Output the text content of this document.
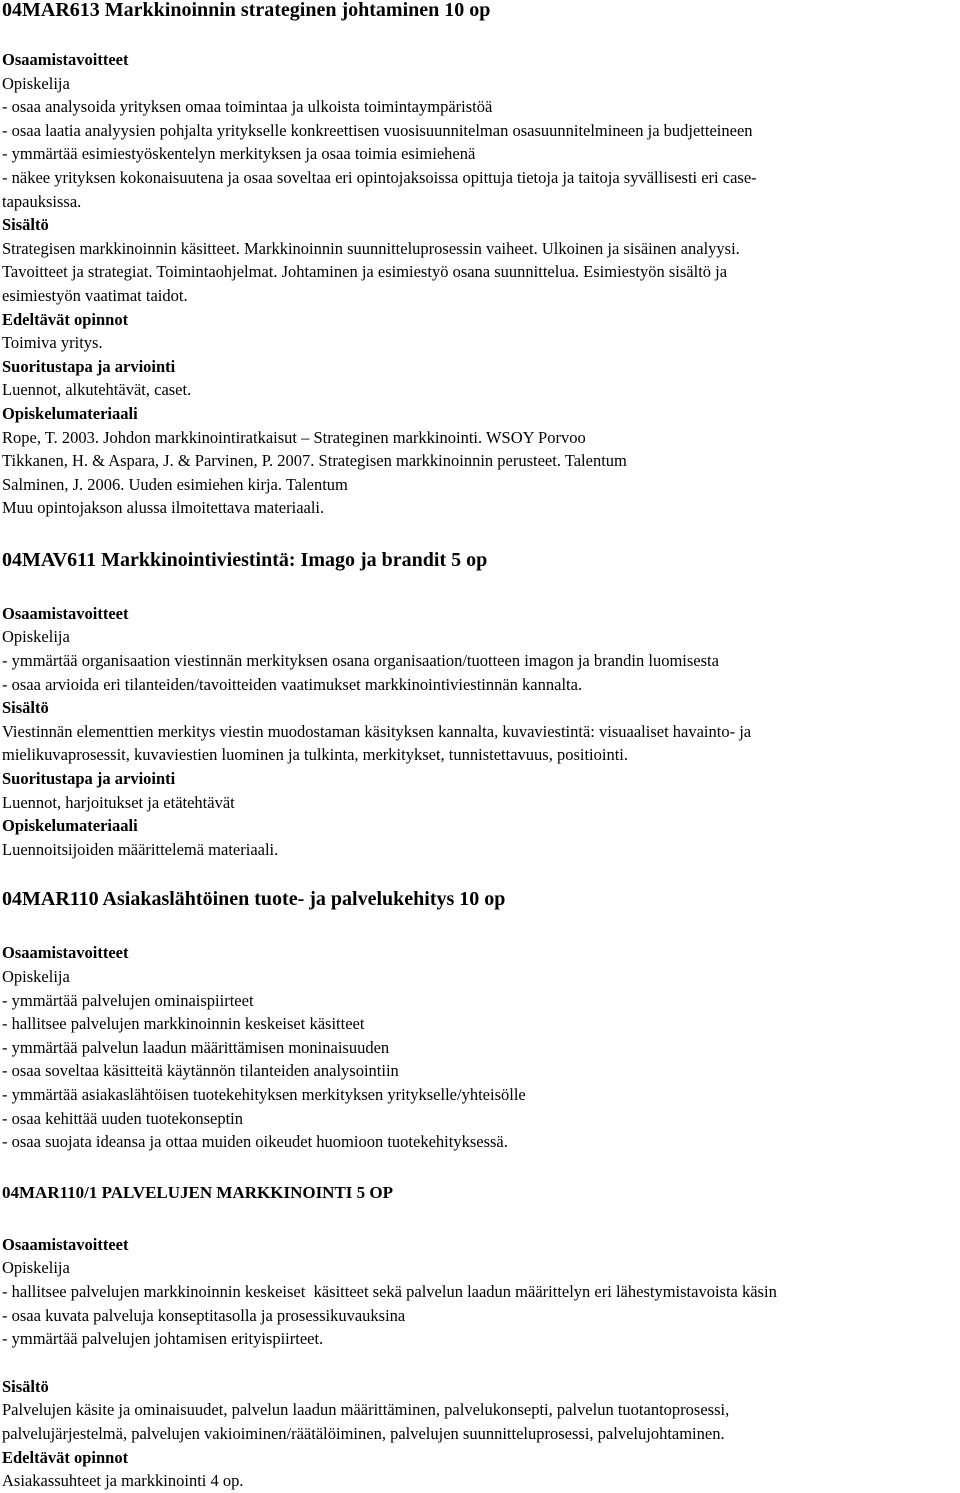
04MAR613 Markkinoinnin strateginen johtaminen 10 op
Osaamistavoitteet
Opiskelija
- osaa analysoida yrityksen omaa toimintaa ja ulkoista toimintaympäristöä
- osaa laatia analyysien pohjalta yritykselle konkreettisen vuosisuunnitelman osasuunnitelmineen ja budjetteineen
- ymmärtää esimiestyöskentelyn merkityksen ja osaa toimia esimiehenä
- näkee yrityksen kokonaisuutena ja osaa soveltaa eri opintojaksoissa opittuja tietoja ja taitoja syvällisesti eri case-
tapauksissa.
Sisältö
Strategisen markkinoinnin käsitteet. Markkinoinnin suunnitteluprosessin vaiheet. Ulkoinen ja sisäinen analyysi.
Tavoitteet ja strategiat. Toimintaohjelmat. Johtaminen ja esimiestyö osana suunnittelua. Esimiestyön sisältö ja
esimiestyön vaatimat taidot.
Edeltävät opinnot
Toimiva yritys.
Suoritustapa ja arviointi
Luennot, alkutehtävät, caset.
Opiskelumateriaali
Rope, T. 2003. Johdon markkinointiratkaisut – Strateginen markkinointi. WSOY Porvoo
Tikkanen, H. & Aspara, J. & Parvinen, P. 2007. Strategisen markkinoinnin perusteet. Talentum
Salminen, J. 2006. Uuden esimiehen kirja. Talentum
Muu opintojakson alussa ilmoitettava materiaali.
04MAV611 Markkinointiviestintä: Imago ja brandit 5 op
Osaamistavoitteet
Opiskelija
- ymmärtää organisaation viestinnän merkityksen osana organisaation/tuotteen imagon ja brandin luomisesta
- osaa arvioida eri tilanteiden/tavoitteiden vaatimukset markkinointiviestinnän kannalta.
Sisältö
Viestinnän elementtien merkitys viestin muodostaman käsityksen kannalta, kuvaviestintä: visuaaliset havainto- ja
mielikuvaprosessit, kuvaviestien luominen ja tulkinta, merkitykset, tunnistettavuus, positiointi.
Suoritustapa ja arviointi
Luennot, harjoitukset ja etätehtävät
Opiskelumateriaali
Luennoitsijoiden määrittelemä materiaali.
04MAR110 Asiakaslähtöinen tuote- ja palvelukehitys 10 op
Osaamistavoitteet
Opiskelija
- ymmärtää palvelujen ominaispiirteet
- hallitsee palvelujen markkinoinnin keskeiset käsitteet
- ymmärtää palvelun laadun määrittämisen moninaisuuden
- osaa soveltaa käsitteitä käytännön tilanteiden analysointiin
- ymmärtää asiakaslähtöisen tuotekehityksen merkityksen yritykselle/yhteisölle
- osaa kehittää uuden tuotekonseptin
- osaa suojata ideansa ja ottaa muiden oikeudet huomioon tuotekehityksessä.
04MAR110/1 PALVELUJEN MARKKINOINTI 5 OP
Osaamistavoitteet
Opiskelija
- hallitsee palvelujen markkinoinnin keskeiset  käsitteet sekä palvelun laadun määrittelyn eri lähestymistavoista käsin
- osaa kuvata palveluja konseptitasolla ja prosessikuvauksina
- ymmärtää palvelujen johtamisen erityispiirteet.
Sisältö
Palvelujen käsite ja ominaisuudet, palvelun laadun määrittäminen, palvelukonsepti, palvelun tuotantoprosessi,
palvelujärjestelmä, palvelujen vakioiminen/räätälöiminen, palvelujen suunnitteluprosessi, palvelujohtaminen.
Edeltävät opinnot
Asiakassuhteet ja markkinointi 4 op.
